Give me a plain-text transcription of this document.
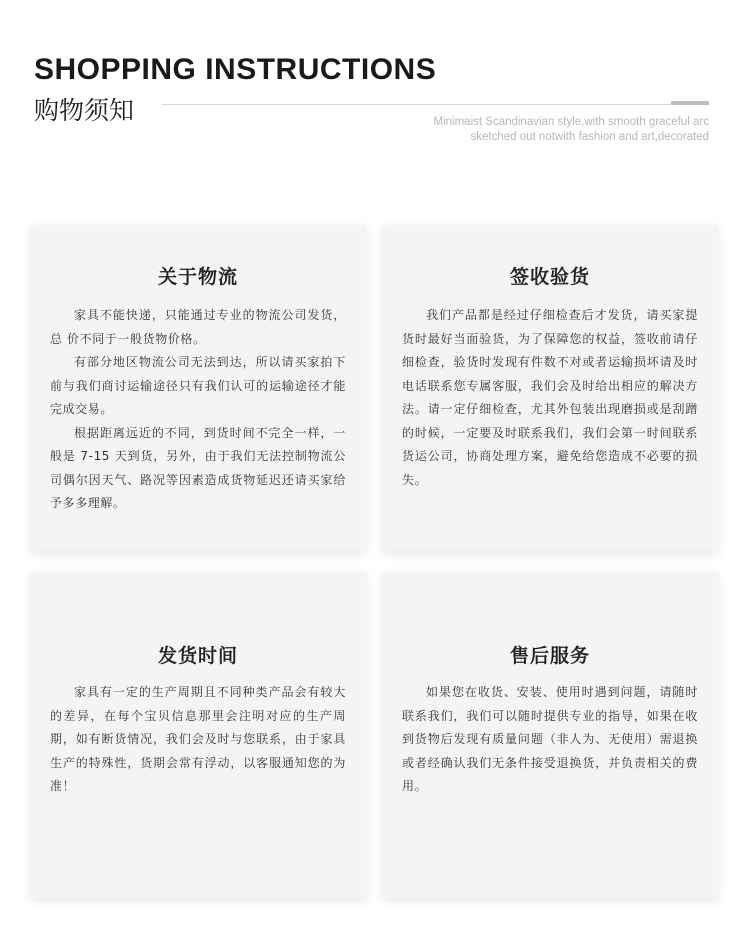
SHOPPING INSTRUCTIONS
购物须知	Minimaist Scandinavian style,with smooth graceful arc
sketched out notwith fashion and art,decorated
关于物流

家具不能快递，只能通过专业的物流公司发货，总 价不同于一般货物价格。

有部分地区物流公司无法到达，所以请买家拍下前与我们商讨运输途径只有我们认可的运输途径才能完成交易。

根据距离远近的不同，到货时间不完全一样，一般是 7-15 天到货，另外，由于我们无法控制物流公司偶尔因天气、路况等因素造成货物延迟还请买家给予多多理解。

签收验货

我们产品都是经过仔细检查后才发货，请买家提货时最好当面验货，为了保障您的权益，签收前请仔细检查，验货时发现有件数不对或者运输损坏请及时电话联系您专属客服，我们会及时给出相应的解决方法。请一定仔细检查，尤其外包装出现磨损或是刮蹭的时候，一定要及时联系我们，我们会第一时间联系货运公司，协商处理方案，避免给您造成不必要的损失。

发货时间

家具有一定的生产周期且不同种类产品会有较大的差异，在每个宝贝信息那里会注明对应的生产周期，如有断货情况，我们会及时与您联系，由于家具生产的特殊性，货期会常有浮动，以客服通知您的为准！

售后服务

如果您在收货、安装、使用时遇到问题，请随时联系我们，我们可以随时提供专业的指导，如果在收到货物后发现有质量问题（非人为、无使用）需退换或者经确认我们无条件接受退换货，并负责相关的费用。
